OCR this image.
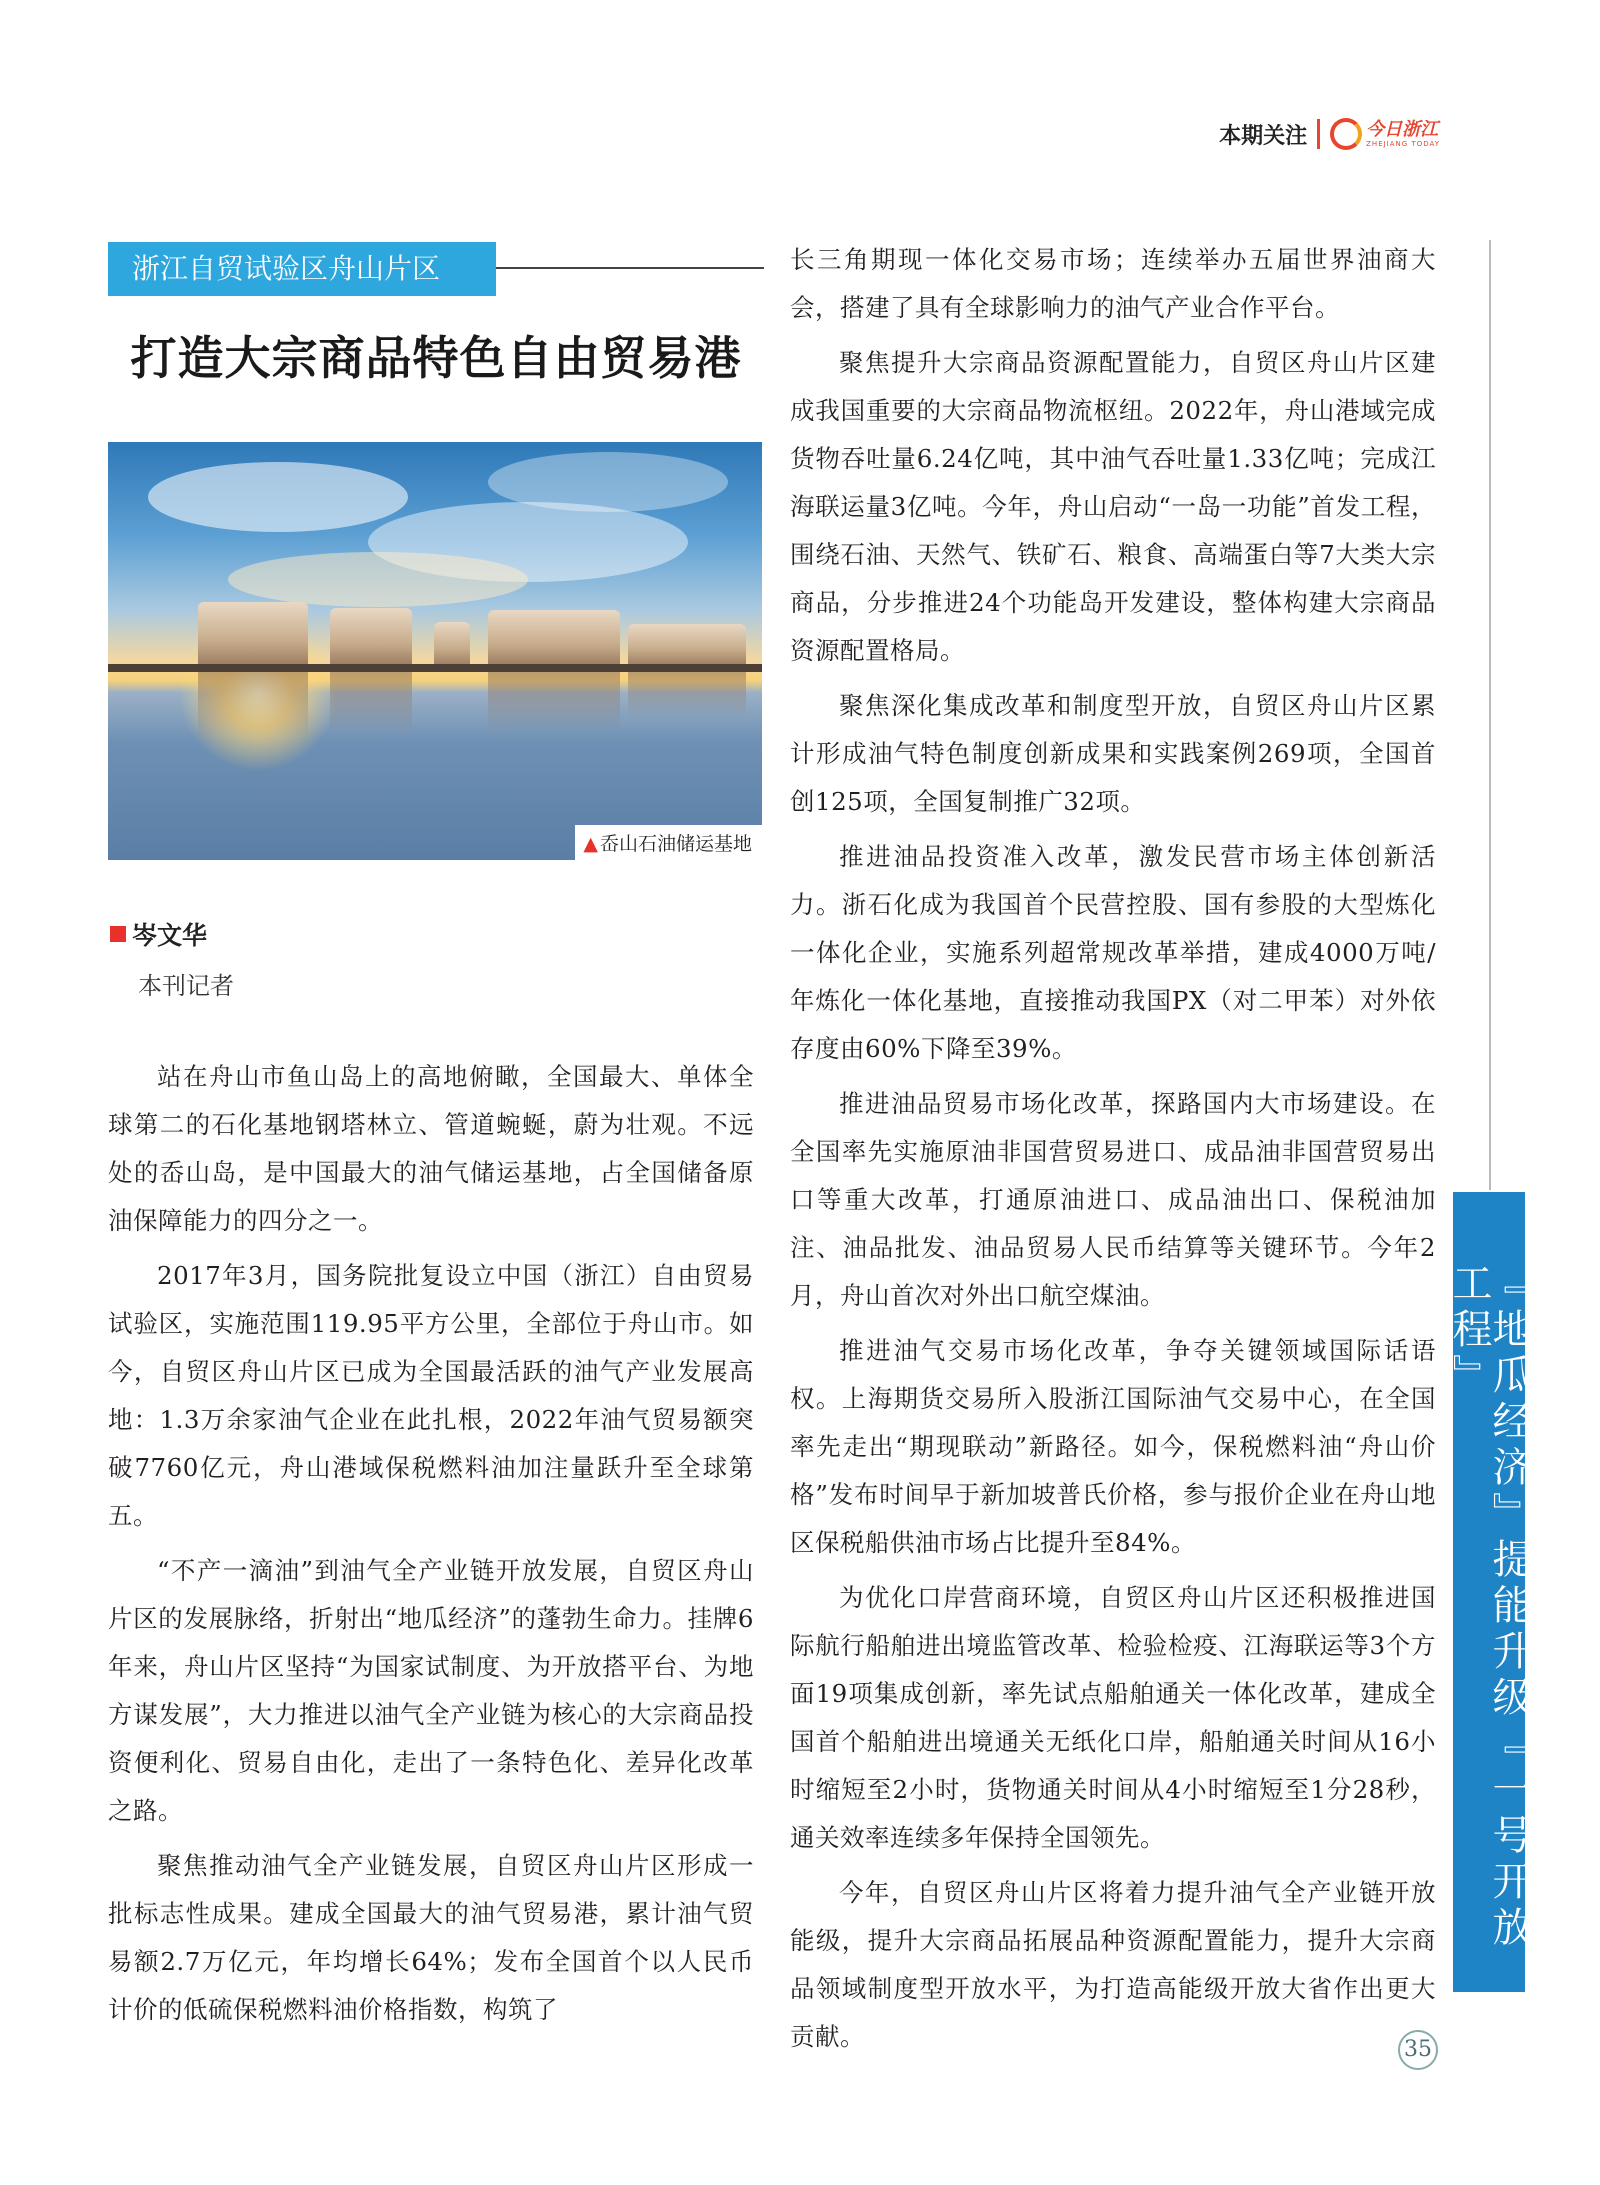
本期关注	今日浙江
ZHEJIANG TODAY
浙江自贸试验区舟山片区
打造大宗商品特色自由贸易港
▲ 岙山石油储运基地
岑文华
本刊记者

站在舟山市鱼山岛上的高地俯瞰，全国最大、单体全球第二的石化基地钢塔林立、管道蜿蜒，蔚为壮观。不远处的岙山岛，是中国最大的油气储运基地，占全国储备原油保障能力的四分之一。

2017年3月，国务院批复设立中国（浙江）自由贸易试验区，实施范围119.95平方公里，全部位于舟山市。如今，自贸区舟山片区已成为全国最活跃的油气产业发展高地：1.3万余家油气企业在此扎根，2022年油气贸易额突破7760亿元，舟山港域保税燃料油加注量跃升至全球第五。

“不产一滴油”到油气全产业链开放发展，自贸区舟山片区的发展脉络，折射出“地瓜经济”的蓬勃生命力。挂牌6年来，舟山片区坚持“为国家试制度、为开放搭平台、为地方谋发展”，大力推进以油气全产业链为核心的大宗商品投资便利化、贸易自由化，走出了一条特色化、差异化改革之路。

聚焦推动油气全产业链发展，自贸区舟山片区形成一批标志性成果。建成全国最大的油气贸易港，累计油气贸易额2.7万亿元，年均增长64%；发布全国首个以人民币计价的低硫保税燃料油价格指数，构筑了

长三角期现一体化交易市场；连续举办五届世界油商大会，搭建了具有全球影响力的油气产业合作平台。

聚焦提升大宗商品资源配置能力，自贸区舟山片区建成我国重要的大宗商品物流枢纽。2022年，舟山港域完成货物吞吐量6.24亿吨，其中油气吞吐量1.33亿吨；完成江海联运量3亿吨。今年，舟山启动“一岛一功能”首发工程，围绕石油、天然气、铁矿石、粮食、高端蛋白等7大类大宗商品，分步推进24个功能岛开发建设，整体构建大宗商品资源配置格局。

聚焦深化集成改革和制度型开放，自贸区舟山片区累计形成油气特色制度创新成果和实践案例269项，全国首创125项，全国复制推广32项。

推进油品投资准入改革，激发民营市场主体创新活力。浙石化成为我国首个民营控股、国有参股的大型炼化一体化企业，实施系列超常规改革举措，建成4000万吨/年炼化一体化基地，直接推动我国PX（对二甲苯）对外依存度由60%下降至39%。

推进油品贸易市场化改革，探路国内大市场建设。在全国率先实施原油非国营贸易进口、成品油非国营贸易出口等重大改革，打通原油进口、成品油出口、保税油加注、油品批发、油品贸易人民币结算等关键环节。今年2月，舟山首次对外出口航空煤油。

推进油气交易市场化改革，争夺关键领域国际话语权。上海期货交易所入股浙江国际油气交易中心，在全国率先走出“期现联动”新路径。如今，保税燃料油“舟山价格”发布时间早于新加坡普氏价格，参与报价企业在舟山地区保税船供油市场占比提升至84%。

为优化口岸营商环境，自贸区舟山片区还积极推进国际航行船舶进出境监管改革、检验检疫、江海联运等3个方面19项集成创新，率先试点船舶通关一体化改革，建成全国首个船舶进出境通关无纸化口岸，船舶通关时间从16小时缩短至2小时，货物通关时间从4小时缩短至1分28秒，通关效率连续多年保持全国领先。

今年，自贸区舟山片区将着力提升油气全产业链开放能级，提升大宗商品拓展品种资源配置能力，提升大宗商品领域制度型开放水平，为打造高能级开放大省作出更大贡献。

『地瓜经济』提能升级『一号开放工程』
35
